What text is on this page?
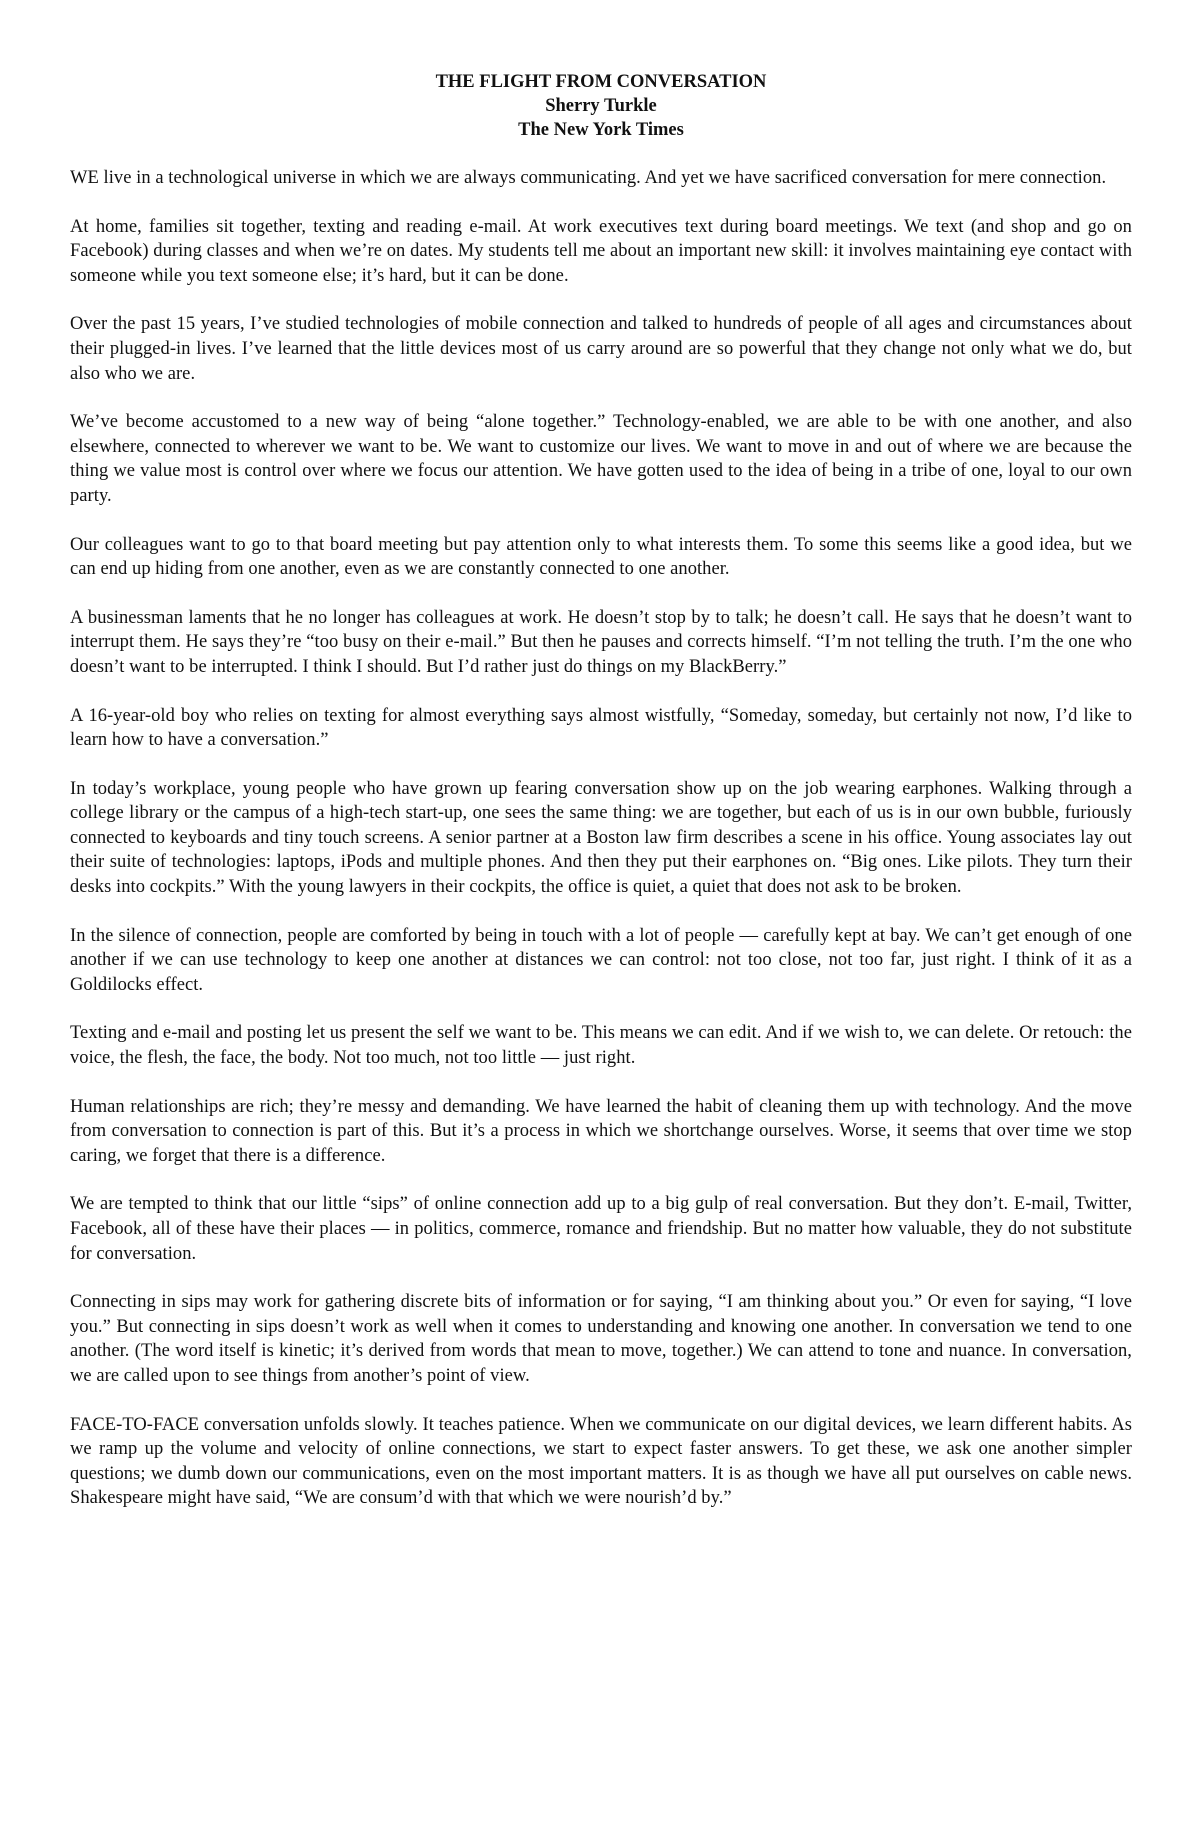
THE FLIGHT FROM CONVERSATION
Sherry Turkle
The New York Times

WE live in a technological universe in which we are always communicating. And yet we have sacrificed conversation for mere connection.

At home, families sit together, texting and reading e-mail. At work executives text during board meetings. We text (and shop and go on Facebook) during classes and when we’re on dates. My students tell me about an important new skill: it involves maintaining eye contact with someone while you text someone else; it’s hard, but it can be done.

Over the past 15 years, I’ve studied technologies of mobile connection and talked to hundreds of people of all ages and circumstances about their plugged-in lives. I’ve learned that the little devices most of us carry around are so powerful that they change not only what we do, but also who we are.

We’ve become accustomed to a new way of being “alone together.” Technology-enabled, we are able to be with one another, and also elsewhere, connected to wherever we want to be. We want to customize our lives. We want to move in and out of where we are because the thing we value most is control over where we focus our attention. We have gotten used to the idea of being in a tribe of one, loyal to our own party.

Our colleagues want to go to that board meeting but pay attention only to what interests them. To some this seems like a good idea, but we can end up hiding from one another, even as we are constantly connected to one another.

A businessman laments that he no longer has colleagues at work. He doesn’t stop by to talk; he doesn’t call. He says that he doesn’t want to interrupt them. He says they’re “too busy on their e-mail.” But then he pauses and corrects himself. “I’m not telling the truth. I’m the one who doesn’t want to be interrupted. I think I should. But I’d rather just do things on my BlackBerry.”

A 16-year-old boy who relies on texting for almost everything says almost wistfully, “Someday, someday, but certainly not now, I’d like to learn how to have a conversation.”

In today’s workplace, young people who have grown up fearing conversation show up on the job wearing earphones. Walking through a college library or the campus of a high-tech start-up, one sees the same thing: we are together, but each of us is in our own bubble, furiously connected to keyboards and tiny touch screens. A senior partner at a Boston law firm describes a scene in his office. Young associates lay out their suite of technologies: laptops, iPods and multiple phones. And then they put their earphones on. “Big ones. Like pilots. They turn their desks into cockpits.” With the young lawyers in their cockpits, the office is quiet, a quiet that does not ask to be broken.

In the silence of connection, people are comforted by being in touch with a lot of people — carefully kept at bay. We can’t get enough of one another if we can use technology to keep one another at distances we can control: not too close, not too far, just right. I think of it as a Goldilocks effect.

Texting and e-mail and posting let us present the self we want to be. This means we can edit. And if we wish to, we can delete. Or retouch: the voice, the flesh, the face, the body. Not too much, not too little — just right.

Human relationships are rich; they’re messy and demanding. We have learned the habit of cleaning them up with technology. And the move from conversation to connection is part of this. But it’s a process in which we shortchange ourselves. Worse, it seems that over time we stop caring, we forget that there is a difference.

We are tempted to think that our little “sips” of online connection add up to a big gulp of real conversation. But they don’t. E-mail, Twitter, Facebook, all of these have their places — in politics, commerce, romance and friendship. But no matter how valuable, they do not substitute for conversation.

Connecting in sips may work for gathering discrete bits of information or for saying, “I am thinking about you.” Or even for saying, “I love you.” But connecting in sips doesn’t work as well when it comes to understanding and knowing one another. In conversation we tend to one another. (The word itself is kinetic; it’s derived from words that mean to move, together.) We can attend to tone and nuance. In conversation, we are called upon to see things from another’s point of view.

FACE-TO-FACE conversation unfolds slowly. It teaches patience. When we communicate on our digital devices, we learn different habits. As we ramp up the volume and velocity of online connections, we start to expect faster answers. To get these, we ask one another simpler questions; we dumb down our communications, even on the most important matters. It is as though we have all put ourselves on cable news. Shakespeare might have said, “We are consum’d with that which we were nourish’d by.”
